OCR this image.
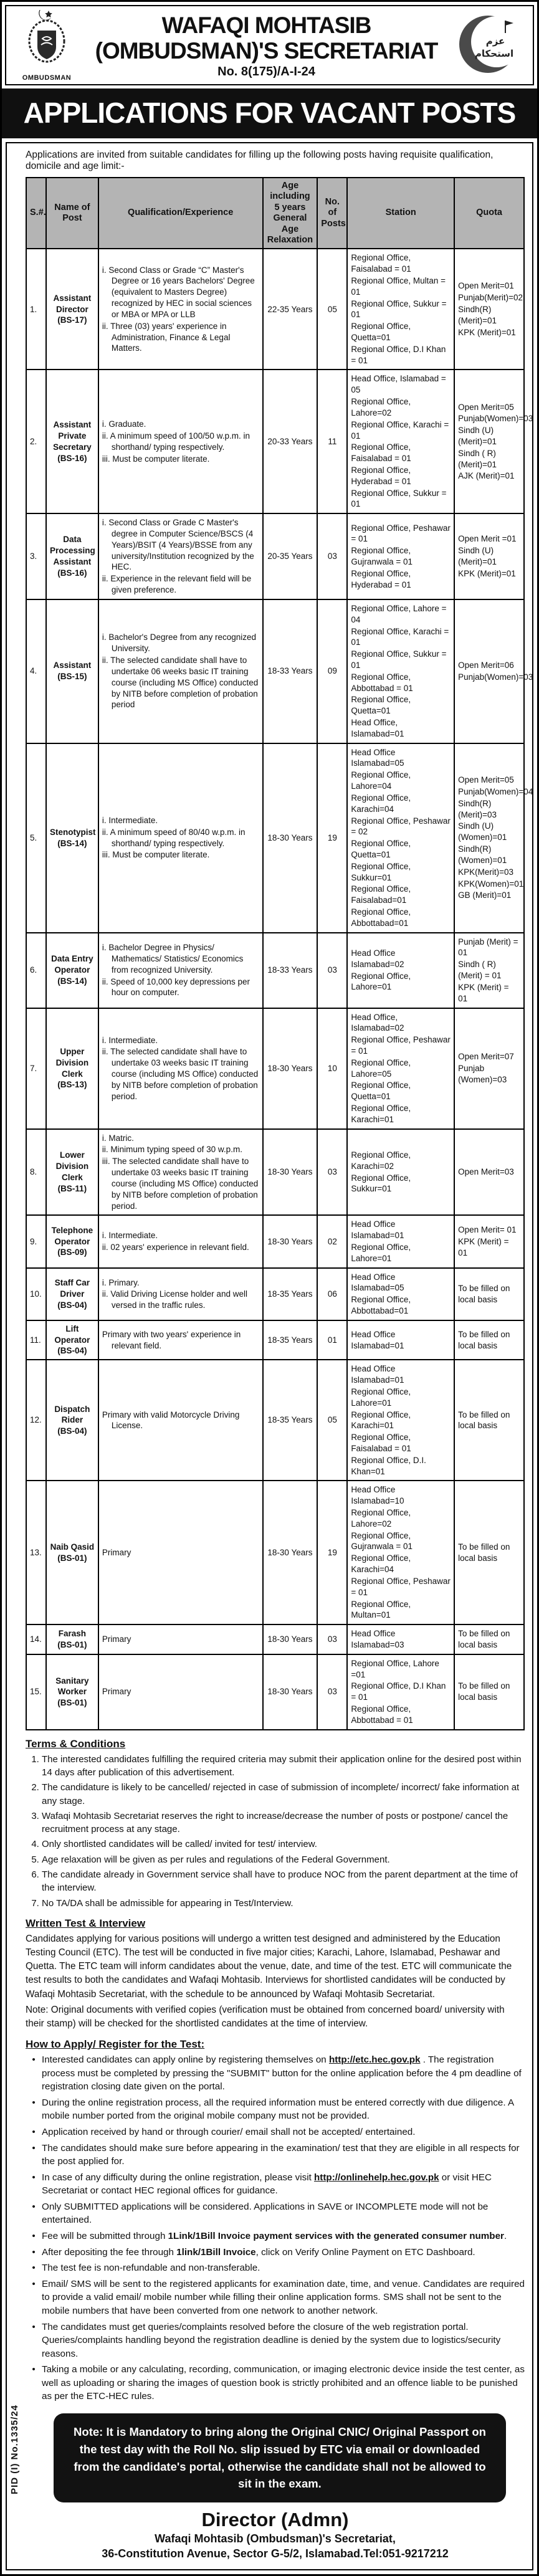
OMBUDSMAN
WAFAQI MOHTASIB
(OMBUDSMAN)'S SECRETARIAT
No. 8(175)/A-I-24
عزم
استحکام
APPLICATIONS FOR VACANT POSTS
Applications are invited from suitable candidates for filling up the following posts having requisite qualification, domicile and age limit:-
S.#.	Name of Post	Qualification/Experience	Age including 5 years General Age Relaxation	No. of Posts	Station	Quota
1.	
Assistant Director
(BS-17)

i. Second Class or Grade “C” Master's Degree or 16 years Bachelors' Degree (equivalent to Masters Degree) recognized by HEC in social sciences or MBA or MPA or LLB
ii. Three (03) years' experience in Administration, Finance & Legal Matters.
	22-35 Years	05	
Regional Office, Faisalabad = 01
Regional Office, Multan = 01
Regional Office, Sukkur = 01
Regional Office, Quetta=01
Regional Office, D.I Khan = 01

Open Merit=01
Punjab(Merit)=02
Sindh(R) (Merit)=01
KPK (Merit)=01

2.	
Assistant Private Secretary
(BS-16)

i. Graduate.
ii. A minimum speed of 100/50 w.p.m. in shorthand/ typing respectively.
iii. Must be computer literate.
	20-33 Years	11	
Head Office, Islamabad = 05
Regional Office, Lahore=02
Regional Office, Karachi = 01
Regional Office, Faisalabad = 01
Regional Office, Hyderabad = 01
Regional Office, Sukkur = 01

Open Merit=05
Punjab(Women)=03
Sindh (U) (Merit)=01
Sindh ( R) (Merit)=01
AJK (Merit)=01

3.	
Data Processing Assistant
(BS-16)

i. Second Class or Grade C Master's degree in Computer Science/BSCS (4 Years)/BSIT (4 Years)/BSSE from any university/Institution recognized by the HEC.
ii. Experience in the relevant field will be given preference.
	20-35 Years	03	
Regional Office, Peshawar = 01
Regional Office, Gujranwala = 01
Regional Office, Hyderabad = 01

Open Merit =01
Sindh (U) (Merit)=01
KPK (Merit)=01

4.	
Assistant
(BS-15)

i. Bachelor's Degree from any recognized University.
ii. The selected candidate shall have to undertake 06 weeks basic IT training course (including MS Office) conducted by NITB before completion of probation period
	18-33 Years	09	
Regional Office, Lahore = 04
Regional Office, Karachi = 01
Regional Office, Sukkur = 01
Regional Office, Abbottabad = 01
Regional Office, Quetta=01
Head Office, Islamabad=01

Open Merit=06
Punjab(Women)=03

5.	
Stenotypist
(BS-14)

i. Intermediate.
ii. A minimum speed of 80/40 w.p.m. in shorthand/ typing respectively.
iii. Must be computer literate.
	18-30 Years	19	
Head Office Islamabad=05
Regional Office, Lahore=04
Regional Office, Karachi=04
Regional Office, Peshawar = 02
Regional Office, Quetta=01
Regional Office, Sukkur=01
Regional Office, Faisalabad=01
Regional Office, Abbottabad=01

Open Merit=05
Punjab(Women)=04
Sindh(R) (Merit)=03
Sindh (U) (Women)=01
Sindh(R) (Women)=01
KPK(Merit)=03
KPK(Women)=01
GB (Merit)=01

6.	
Data Entry Operator
(BS-14)

i. Bachelor Degree in Physics/ Mathematics/ Statistics/ Economics from recognized University.
ii. Speed of 10,000 key depressions per hour on computer.
	18-33 Years	03	
Head Office Islamabad=02
Regional Office, Lahore=01

Punjab (Merit) = 01
Sindh ( R) (Merit) = 01
KPK (Merit) = 01

7.	
Upper Division Clerk
(BS-13)

i. Intermediate.
ii. The selected candidate shall have to undertake 03 weeks basic IT training course (including MS Office) conducted by NITB before completion of probation period.
	18-30 Years	10	
Head Office, Islamabad=02
Regional Office, Peshawar = 01
Regional Office, Lahore=05
Regional Office, Quetta=01
Regional Office, Karachi=01

Open Merit=07
Punjab (Women)=03

8.	
Lower Division Clerk
(BS-11)

i. Matric.
ii. Minimum typing speed of 30 w.p.m.
iii. The selected candidate shall have to undertake 03 weeks basic IT training course (including MS Office) conducted by NITB before completion of probation period.
	18-30 Years	03	
Regional Office, Karachi=02
Regional Office, Sukkur=01

Open Merit=03

9.	
Telephone Operator
(BS-09)

i. Intermediate.
ii. 02 years' experience in relevant field.
	18-30 Years	02	
Head Office Islamabad=01
Regional Office, Lahore=01

Open Merit= 01
KPK (Merit) = 01

10.	
Staff Car Driver
(BS-04)

i. Primary.
ii. Valid Driving License holder and well versed in the traffic rules.
	18-35 Years	06	
Head Office Islamabad=05
Regional Office, Abbottabad=01

To be filled on local basis

11.	Lift Operator
(BS-04)	Primary with two years' experience in relevant field.	18-35 Years	01	Head Office Islamabad=01	To be filled on local basis

12.	
Dispatch Rider
(BS-04)

Primary with valid Motorcycle Driving License.
	18-35 Years	05	
Head Office Islamabad=01
Regional Office, Lahore=01
Regional Office, Karachi=01
Regional Office, Faisalabad = 01
Regional Office, D.I. Khan=01

To be filled on local basis

13.	
Naib Qasid
(BS-01)

Primary	18-30 Years	19	
Head Office Islamabad=10
Regional Office, Lahore=02
Regional Office, Gujranwala = 01
Regional Office, Karachi=04
Regional Office, Peshawar = 01
Regional Office, Multan=01

To be filled on local basis

14.	Farash
(BS-01)	Primary	18-30 Years	03	Head Office Islamabad=03	To be filled on local basis

15.	
Sanitary Worker
(BS-01)

Primary	18-30 Years	03	
Regional Office, Lahore =01
Regional Office, D.I Khan = 01
Regional Office, Abbottabad = 01

To be filled on local basis
Terms & Conditions
1. The interested candidates fulfilling the required criteria may submit their application online for the desired post within 14 days after publication of this advertisement.
2. The candidature is likely to be cancelled/ rejected in case of submission of incomplete/ incorrect/ fake information at any stage.
3. Wafaqi Mohtasib Secretariat reserves the right to increase/decrease the number of posts or postpone/ cancel the recruitment process at any stage.
4. Only shortlisted candidates will be called/ invited for test/ interview.
5. Age relaxation will be given as per rules and regulations of the Federal Government.
6. The candidate already in Government service shall have to produce NOC from the parent department at the time of the interview.
7. No TA/DA shall be admissible for appearing in Test/Interview.
Written Test & Interview
Candidates applying for various positions will undergo a written test designed and administered by the Education Testing Council (ETC). The test will be conducted in five major cities; Karachi, Lahore, Islamabad, Peshawar and Quetta. The ETC team will inform candidates about the venue, date, and time of the test. ETC will communicate the test results to both the candidates and Wafaqi Mohtasib. Interviews for shortlisted candidates will be conducted by Wafaqi Mohtasib Secretariat, with the schedule to be announced by Wafaqi Mohtasib Secretariat.
Note: Original documents with verified copies (verification must be obtained from concerned board/ university with their stamp) will be checked for the shortlisted candidates at the time of interview.
How to Apply/ Register for the Test:
• Interested candidates can apply online by registering themselves on http://etc.hec.gov.pk . The registration process must be completed by pressing the "SUBMIT" button for the online application before the 4 pm deadline of registration closing date given on the portal.
• During the online registration process, all the required information must be entered correctly with due diligence. A mobile number ported from the original mobile company must not be provided.
• Application received by hand or through courier/ email shall not be accepted/ entertained.
• The candidates should make sure before appearing in the examination/ test that they are eligible in all respects for the post applied for.
• In case of any difficulty during the online registration, please visit http://onlinehelp.hec.gov.pk or visit HEC Secretariat or contact HEC regional offices for guidance.
• Only SUBMITTED applications will be considered. Applications in SAVE or INCOMPLETE mode will not be entertained.
• Fee will be submitted through 1Link/1Bill Invoice payment services with the generated consumer number.
• After depositing the fee through 1link/1Bill Invoice, click on Verify Online Payment on ETC Dashboard.
• The test fee is non-refundable and non-transferable.
• Email/ SMS will be sent to the registered applicants for examination date, time, and venue. Candidates are required to provide a valid email/ mobile number while filling their online application forms. SMS shall not be sent to the mobile numbers that have been converted from one network to another network.
• The candidates must get queries/complaints resolved before the closure of the web registration portal. Queries/complaints handling beyond the registration deadline is denied by the system due to logistics/security reasons.
• Taking a mobile or any calculating, recording, communication, or imaging electronic device inside the test center, as well as uploading or sharing the images of question book is strictly prohibited and an offence liable to be punished as per the ETC-HEC rules.
Note: It is Mandatory to bring along the Original CNIC/ Original Passport on the test day with the Roll No. slip issued by ETC via email or downloaded from the candidate's portal, otherwise the candidate shall not be allowed to sit in the exam.
Director (Admn)
Wafaqi Mohtasib (Ombudsman)'s Secretariat,
36-Constitution Avenue, Sector G-5/2, Islamabad.Tel:051-9217212
PID (I) No.1335/24
